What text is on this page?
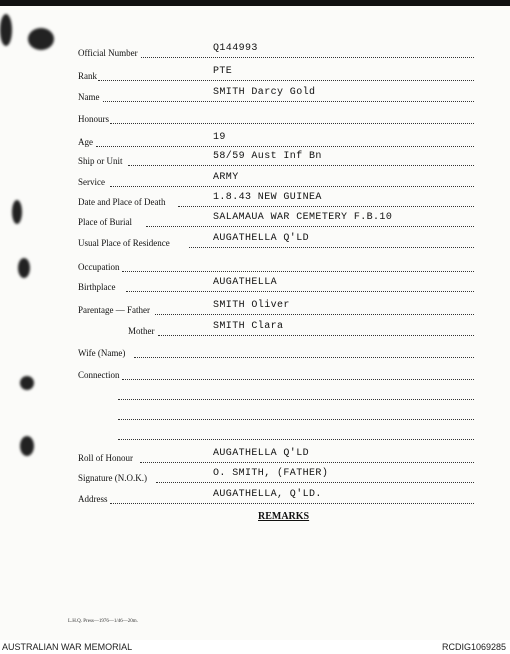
Official Number	Q144993
Rank	PTE
Name	SMITH Darcy Gold
Honours
Age	19
Ship or Unit	58/59 Aust Inf Bn
Service	ARMY
Date and Place of Death	1.8.43 NEW GUINEA
Place of Burial	SALAMAUA WAR CEMETERY F.B.10
Usual Place of Residence	AUGATHELLA Q'LD
Occupation
Birthplace	AUGATHELLA
Parentage — Father	SMITH Oliver
Mother	SMITH Clara
Wife (Name)
Connection
Roll of Honour	AUGATHELLA Q'LD
Signature (N.O.K.)	O. SMITH, (FATHER)
Address	AUGATHELLA, Q'LD.
REMARKS
L.H.Q. Press—1976—1/46—20m.
AUSTRALIAN WAR MEMORIAL	RCDIG1069285
